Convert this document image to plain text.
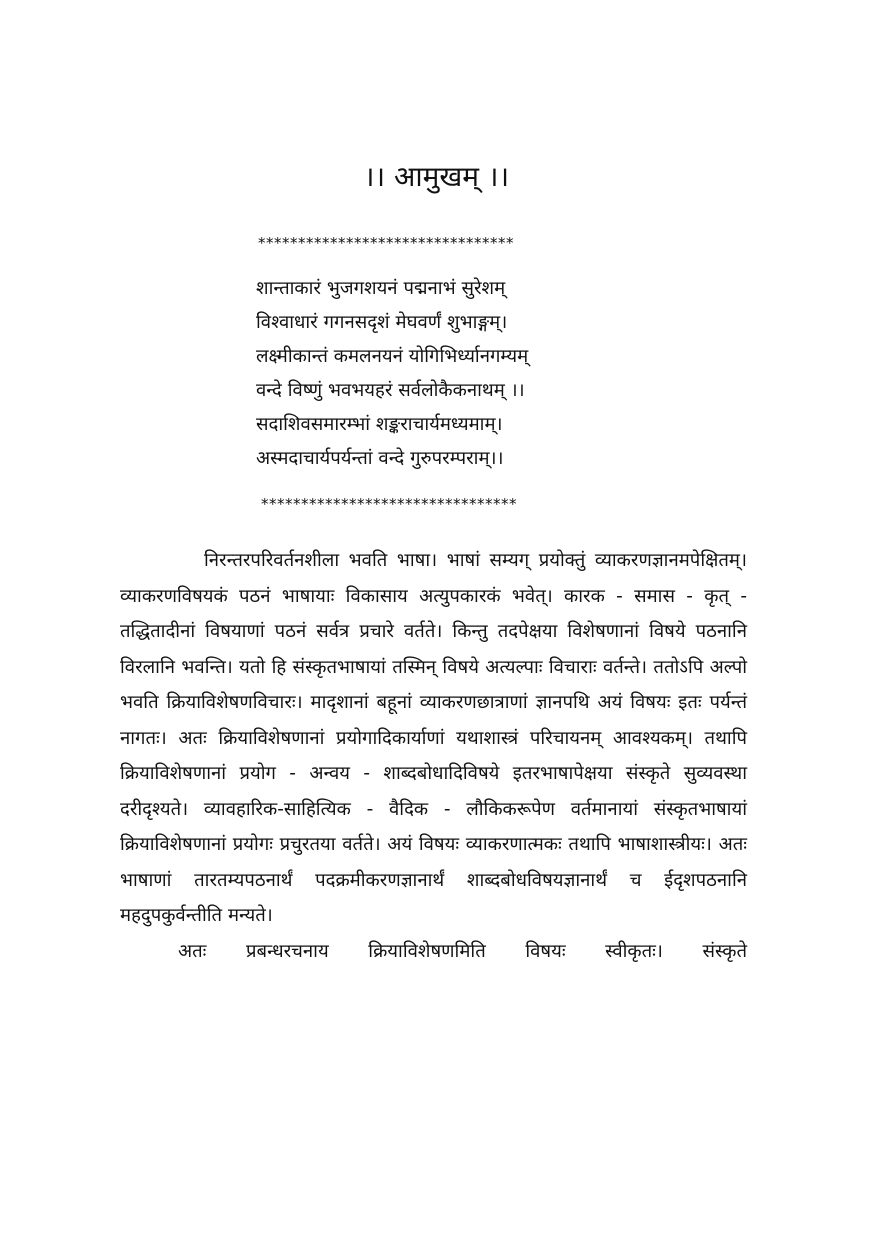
।। आमुखम् ।।
********************************
शान्ताकारं भुजगशयनं पद्मनाभं सुरेशम्
विश्वाधारं गगनसदृशं मेघवर्णं शुभाङ्गम्।
लक्ष्मीकान्तं कमलनयनं योगिभिर्ध्यानगम्यम्
वन्दे विष्णुं भवभयहरं सर्वलोकैकनाथम् ।।
सदाशिवसमारम्भां शङ्कराचार्यमध्यमाम्।
अस्मदाचार्यपर्यन्तां वन्दे गुरुपरम्पराम्।।
********************************

निरन्तरपरिवर्तनशीला भवति भाषा। भाषां सम्यग् प्रयोक्तुं व्याकरणज्ञानमपेक्षितम्। व्याकरणविषयकं पठनं भाषायाः विकासाय अत्युपकारकं भवेत्। कारक - समास - कृत् - तद्धितादीनां विषयाणां पठनं सर्वत्र प्रचारे वर्तते। किन्तु तदपेक्षया विशेषणानां विषये पठनानि विरलानि भवन्ति। यतो हि संस्कृतभाषायां तस्मिन् विषये अत्यल्पाः विचाराः वर्तन्ते। ततोऽपि अल्पो भवति क्रियाविशेषणविचारः। मादृशानां बहूनां व्याकरणछात्राणां ज्ञानपथि अयं विषयः इतः पर्यन्तं नागतः। अतः क्रियाविशेषणानां प्रयोगादिकार्याणां यथाशास्त्रं परिचायनम् आवश्यकम्। तथापि क्रियाविशेषणानां प्रयोग - अन्वय - शाब्दबोधादिविषये इतरभाषापेक्षया संस्कृते सुव्यवस्था दरीदृश्यते। व्यावहारिक-साहित्यिक - वैदिक - लौकिकरूपेण वर्तमानायां संस्कृतभाषायां क्रियाविशेषणानां प्रयोगः प्रचुरतया वर्तते। अयं विषयः व्याकरणात्मकः तथापि भाषाशास्त्रीयः। अतः भाषाणां तारतम्यपठनार्थं पदक्रमीकरणज्ञानार्थं शाब्दबोधविषयज्ञानार्थं च ईदृशपठनानि महदुपकुर्वन्तीति मन्यते।

अतः प्रबन्धरचनाय क्रियाविशेषणमिति विषयः स्वीकृतः। संस्कृते
